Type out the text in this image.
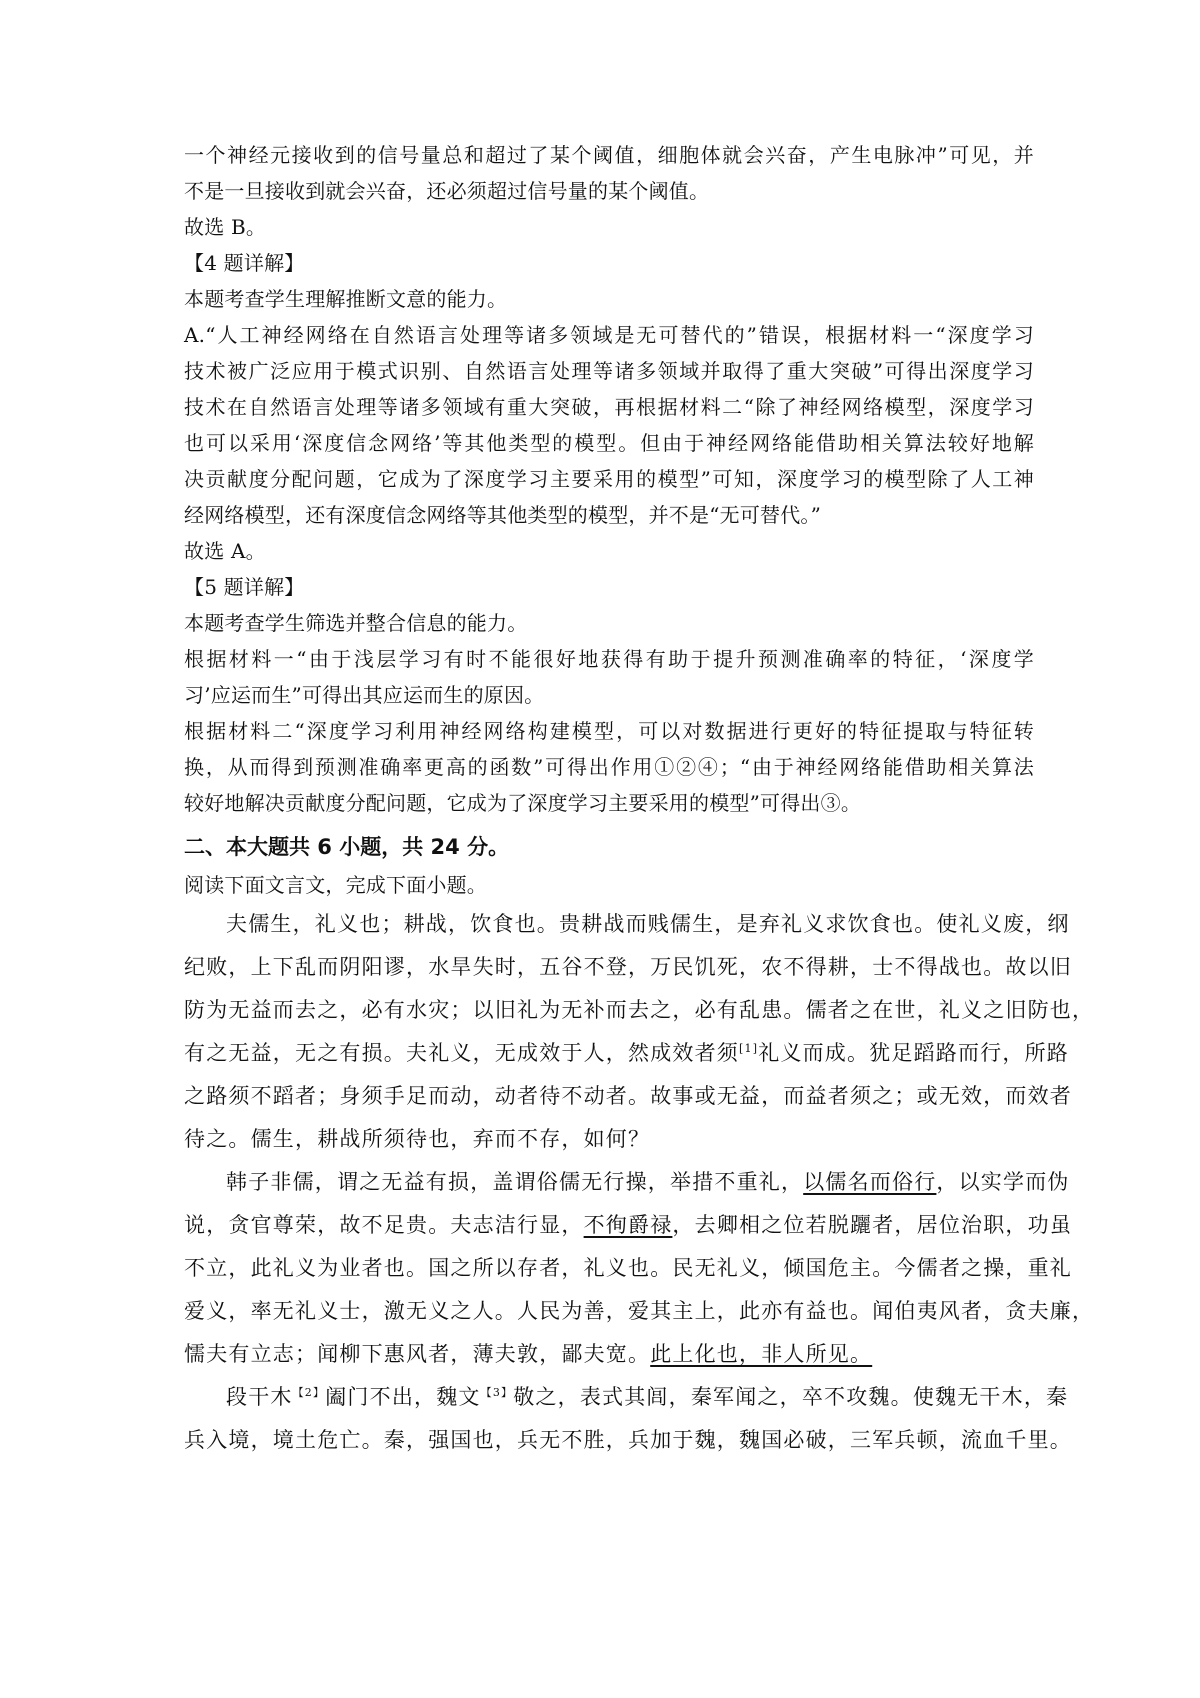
一个神经元接收到的信号量总和超过了某个阈值，细胞体就会兴奋，产生电脉冲”可见，并
不是一旦接收到就会兴奋，还必须超过信号量的某个阈值。
故选 B。
【4 题详解】
本题考查学生理解推断文意的能力。
A.“人工神经网络在自然语言处理等诸多领域是无可替代的”错误，根据材料一“深度学习
技术被广泛应用于模式识别、自然语言处理等诸多领域并取得了重大突破”可得出深度学习
技术在自然语言处理等诸多领域有重大突破，再根据材料二“除了神经网络模型，深度学习
也可以采用‘深度信念网络’等其他类型的模型。但由于神经网络能借助相关算法较好地解
决贡献度分配问题，它成为了深度学习主要采用的模型”可知，深度学习的模型除了人工神
经网络模型，还有深度信念网络等其他类型的模型，并不是“无可替代。”
故选 A。
【5 题详解】
本题考查学生筛选并整合信息的能力。
根据材料一“由于浅层学习有时不能很好地获得有助于提升预测准确率的特征，‘深度学
习’应运而生”可得出其应运而生的原因。
根据材料二“深度学习利用神经网络构建模型，可以对数据进行更好的特征提取与特征转
换，从而得到预测准确率更高的函数”可得出作用①②④；“由于神经网络能借助相关算法
较好地解决贡献度分配问题，它成为了深度学习主要采用的模型”可得出③。
二、本大题共 6 小题，共 24 分。
阅读下面文言文，完成下面小题。
夫儒生，礼义也；耕战，饮食也。贵耕战而贱儒生，是弃礼义求饮食也。使礼义废，纲
纪败，上下乱而阴阳谬，水旱失时，五谷不登，万民饥死，农不得耕，士不得战也。故以旧
防为无益而去之，必有水灾；以旧礼为无补而去之，必有乱患。儒者之在世，礼义之旧防也，
有之无益，无之有损。夫礼义，无成效于人，然成效者须[1]礼义而成。犹足蹈路而行，所路
之路须不蹈者；身须手足而动，动者待不动者。故事或无益，而益者须之；或无效，而效者
待之。儒生，耕战所须待也，弃而不存，如何？
韩子非儒，谓之无益有损，盖谓俗儒无行操，举措不重礼，以儒名而俗行，以实学而伪
说，贪官尊荣，故不足贵。夫志洁行显，不徇爵禄，去卿相之位若脱躧者，居位治职，功虽
不立，此礼义为业者也。国之所以存者，礼义也。民无礼义，倾国危主。今儒者之操，重礼
爱义，率无礼义士，激无义之人。人民为善，爱其主上，此亦有益也。闻伯夷风者，贪夫廉，
懦夫有立志；闻柳下惠风者，薄夫敦，鄙夫宽。此上化也，非人所见。
段干木$^{【2】}$阖门不出，魏文$^{【3】}$敬之，表式其闾，秦军闻之，卒不攻魏。使魏无干木，秦
兵入境，境土危亡。秦，强国也，兵无不胜，兵加于魏，魏国必破，三军兵顿，流血千里。
